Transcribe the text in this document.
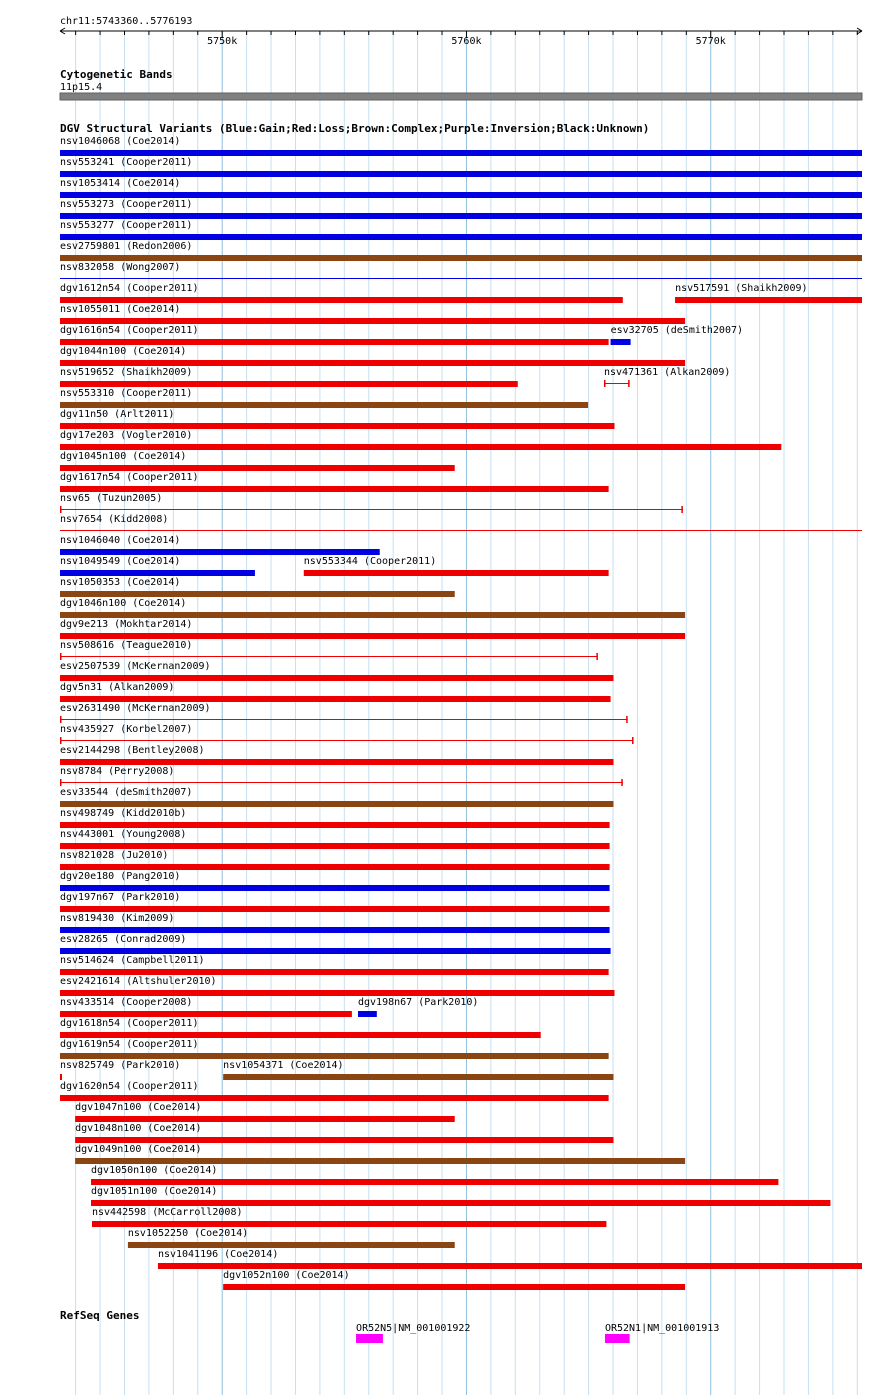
chr11:5743360..5776193
5750k	5760k	5770k
Cytogenetic Bands
11p15.4
DGV Structural Variants (Blue:Gain;Red:Loss;Brown:Complex;Purple:Inversion;Black:Unknown)
nsv1046068 (Coe2014)
nsv553241 (Cooper2011)
nsv1053414 (Coe2014)
nsv553273 (Cooper2011)
nsv553277 (Cooper2011)
esv2759801 (Redon2006)
nsv832058 (Wong2007)
dgv1612n54 (Cooper2011)	nsv517591 (Shaikh2009)
nsv1055011 (Coe2014)
dgv1616n54 (Cooper2011)	esv32705 (deSmith2007)
dgv1044n100 (Coe2014)
nsv519652 (Shaikh2009)	nsv471361 (Alkan2009)
nsv553310 (Cooper2011)
dgv11n50 (Arlt2011)
dgv17e203 (Vogler2010)
dgv1045n100 (Coe2014)
dgv1617n54 (Cooper2011)
nsv65 (Tuzun2005)
nsv7654 (Kidd2008)
nsv1046040 (Coe2014)
nsv1049549 (Coe2014)	nsv553344 (Cooper2011)
nsv1050353 (Coe2014)
dgv1046n100 (Coe2014)
dgv9e213 (Mokhtar2014)
nsv508616 (Teague2010)
esv2507539 (McKernan2009)
dgv5n31 (Alkan2009)
esv2631490 (McKernan2009)
nsv435927 (Korbel2007)
esv2144298 (Bentley2008)
nsv8784 (Perry2008)
esv33544 (deSmith2007)
nsv498749 (Kidd2010b)
nsv443001 (Young2008)
nsv821028 (Ju2010)
dgv20e180 (Pang2010)
dgv197n67 (Park2010)
nsv819430 (Kim2009)
esv28265 (Conrad2009)
nsv514624 (Campbell2011)
esv2421614 (Altshuler2010)
nsv433514 (Cooper2008)	dgv198n67 (Park2010)
dgv1618n54 (Cooper2011)
dgv1619n54 (Cooper2011)
nsv825749 (Park2010)	nsv1054371 (Coe2014)
dgv1620n54 (Cooper2011)
dgv1047n100 (Coe2014)
dgv1048n100 (Coe2014)
dgv1049n100 (Coe2014)
dgv1050n100 (Coe2014)
dgv1051n100 (Coe2014)
nsv442598 (McCarroll2008)
nsv1052250 (Coe2014)
nsv1041196 (Coe2014)
dgv1052n100 (Coe2014)
RefSeq Genes
OR52N5|NM_001001922	OR52N1|NM_001001913
